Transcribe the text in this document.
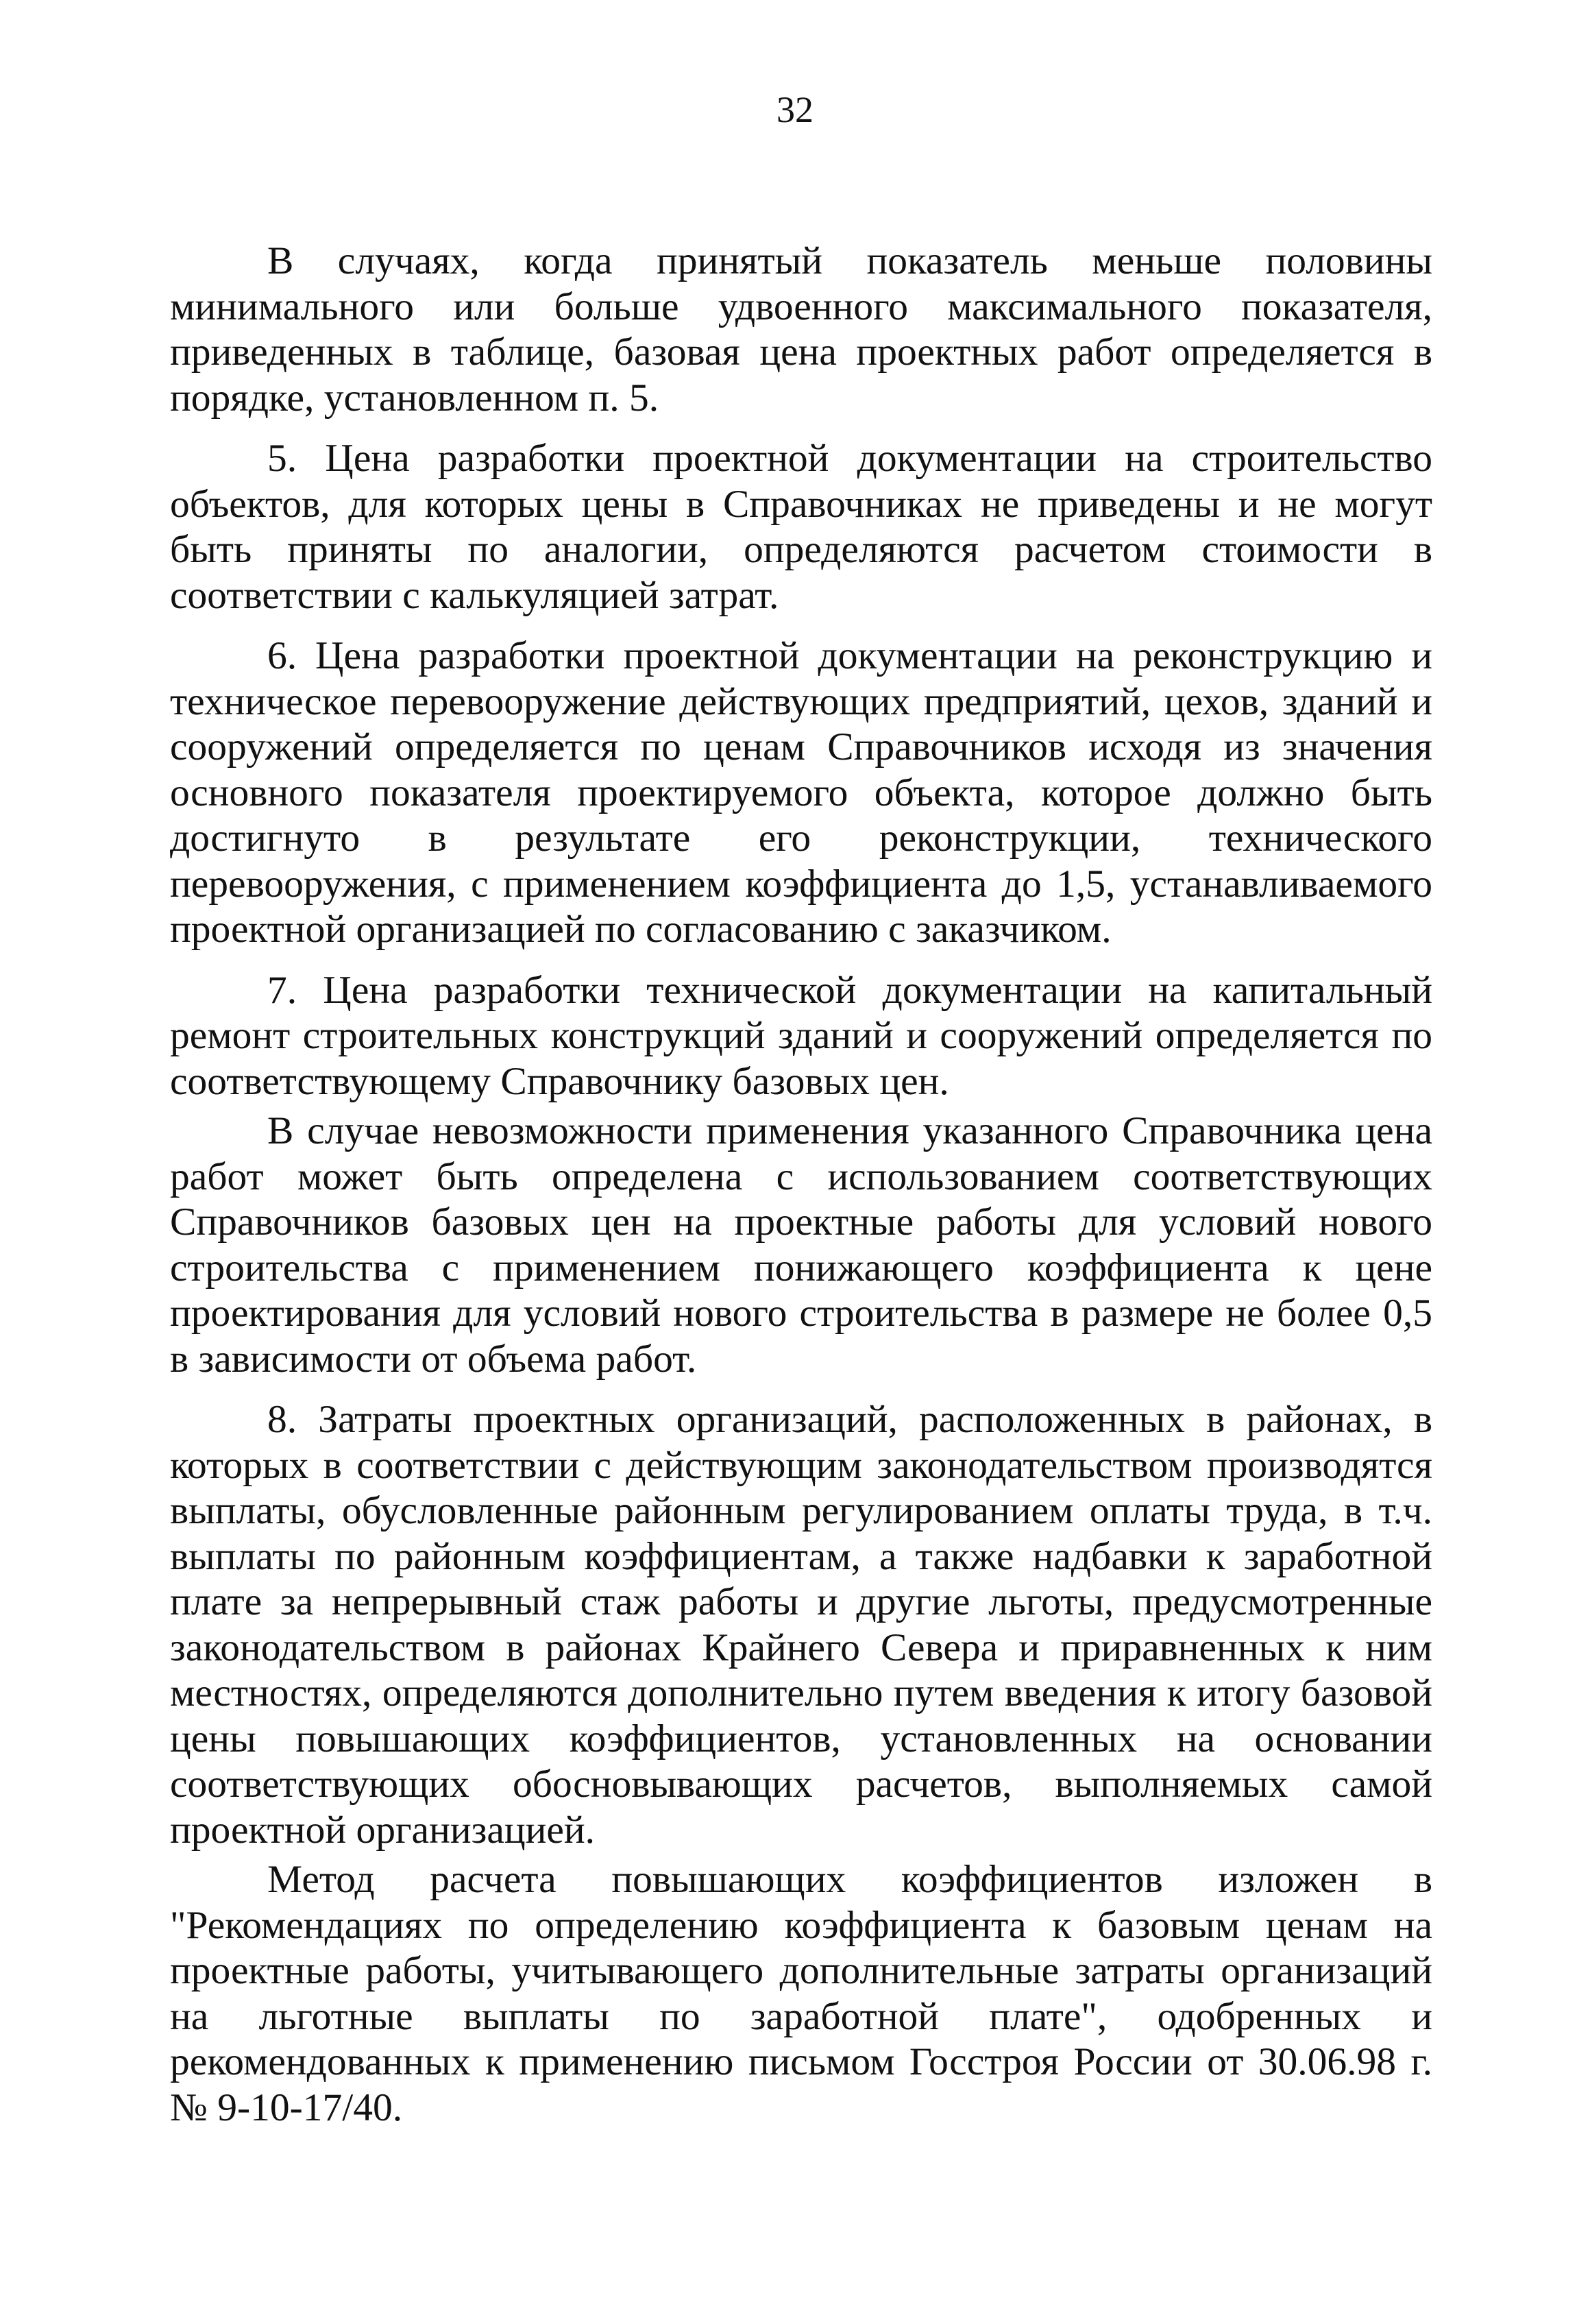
32

В случаях, когда принятый показатель меньше половины минимального или больше удвоенного максимального показателя, приведенных в таблице, базовая цена проектных работ определяется в порядке, установленном п. 5.

5. Цена разработки проектной документации на строительство объектов, для которых цены в Справочниках не приведены и не могут быть приняты по аналогии, определяются расчетом стоимости в соответствии с калькуляцией затрат.

6. Цена разработки проектной документации на реконструкцию и техническое перевооружение действующих предприятий, цехов, зданий и сооружений определяется по ценам Справочников исходя из значения основного показателя проектируемого объекта, которое должно быть достигнуто в результате его реконструкции, технического перевооружения, с применением коэффициента до 1,5, устанавливаемого проектной организацией по согласованию с заказчиком.

7. Цена разработки технической документации на капитальный ремонт строительных конструкций зданий и сооружений определяется по соответствующему Справочнику базовых цен.

В случае невозможности применения указанного Справочника цена работ может быть определена с использованием соответствующих Справочников базовых цен на проектные работы для условий нового строительства с применением понижающего коэффициента к цене проектирования для условий нового строительства в размере не более 0,5 в зависимости от объема работ.

8. Затраты проектных организаций, расположенных в районах, в которых в соответствии с действующим законодательством производятся выплаты, обусловленные районным регулированием оплаты труда, в т.ч. выплаты по районным коэффициентам, а также надбавки к заработной плате за непрерывный стаж работы и другие льготы, предусмотренные законодательством в районах Крайнего Севера и приравненных к ним местностях, определяются дополнительно путем введения к итогу базовой цены повышающих коэффициентов, установленных на основании соответствующих обосновывающих расчетов, выполняемых самой проектной организацией.

Метод расчета повышающих коэффициентов изложен в "Рекомендациях по определению коэффициента к базовым ценам на проектные работы, учитывающего дополнительные затраты организаций на льготные выплаты по заработной плате", одобренных и рекомендованных к применению письмом Госстроя России от 30.06.98 г. № 9-10-17/40.
